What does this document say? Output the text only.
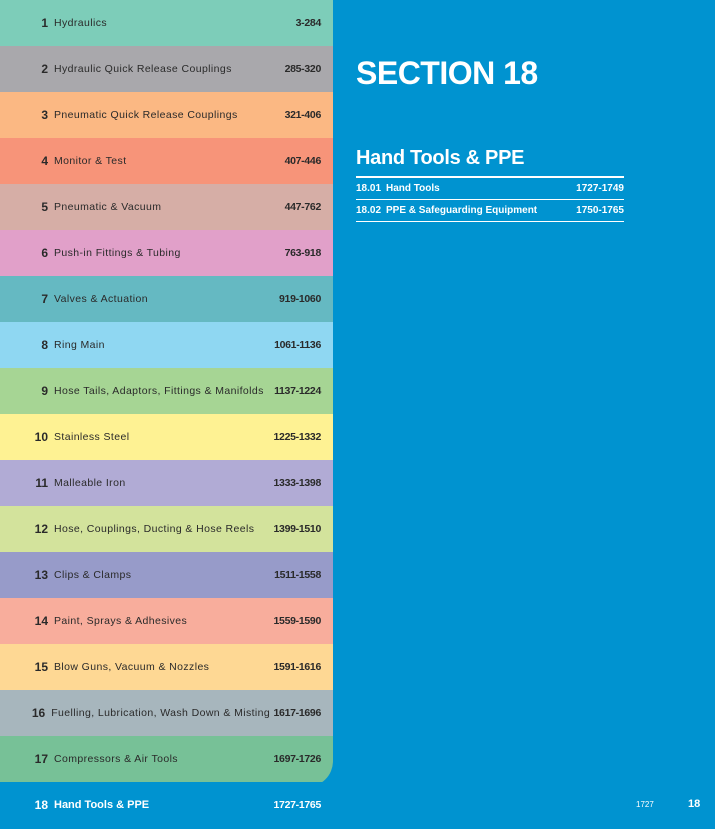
1 Hydraulics	3-284
2 Hydraulic Quick Release Couplings	285-320
3 Pneumatic Quick Release Couplings	321-406
4 Monitor & Test	407-446
5 Pneumatic & Vacuum	447-762
6 Push-in Fittings & Tubing	763-918
7 Valves & Actuation	919-1060
8 Ring Main	1061-1136
9 Hose Tails, Adaptors, Fittings & Manifolds 1137-1224
10 Stainless Steel	1225-1332
11 Malleable Iron	1333-1398
12 Hose, Couplings, Ducting & Hose Reels	1399-1510
13 Clips & Clamps	1511-1558
14 Paint, Sprays & Adhesives	1559-1590
15 Blow Guns, Vacuum & Nozzles	1591-1616
16 Fuelling, Lubrication, Wash Down & Misting 1617-1696
17 Compressors & Air Tools	1697-1726
18 Hand Tools & PPE	1727-1765
SECTION 18
Hand Tools & PPE
18.01 Hand Tools	1727-1749
18.02 PPE & Safeguarding Equipment	1750-1765
1727	18
